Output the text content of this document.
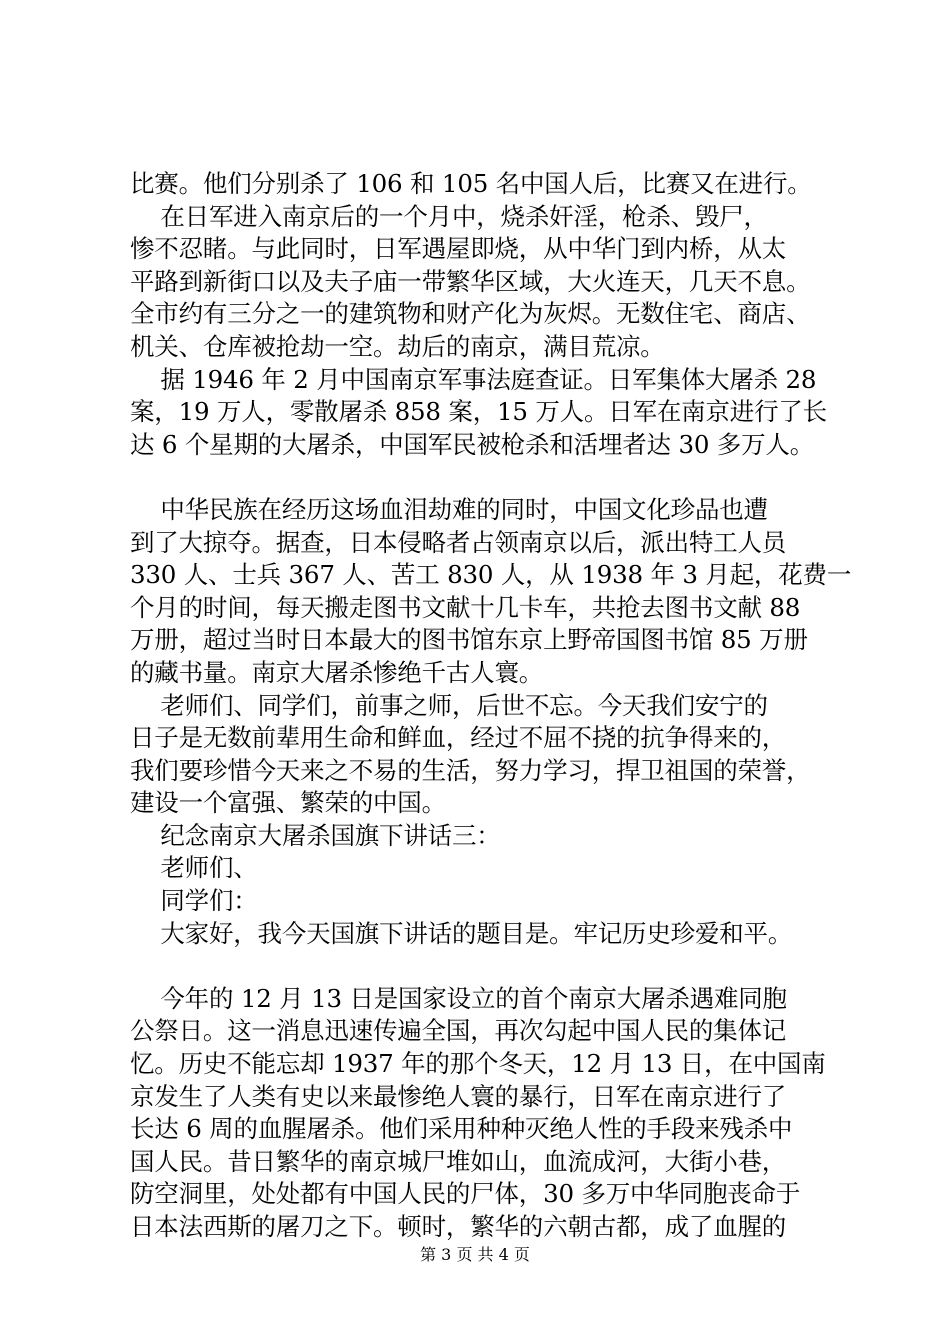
比赛。他们分别杀了 106 和 105 名中国人后，比赛又在进行。
在日军进入南京后的一个月中，烧杀奸淫，枪杀、毁尸，
惨不忍睹。与此同时，日军遇屋即烧，从中华门到内桥，从太
平路到新街口以及夫子庙一带繁华区域，大火连天，几天不息。
全市约有三分之一的建筑物和财产化为灰烬。无数住宅、商店、
机关、仓库被抢劫一空。劫后的南京，满目荒凉。
据 1946 年 2 月中国南京军事法庭查证。日军集体大屠杀 28
案，19 万人，零散屠杀 858 案，15 万人。日军在南京进行了长
达 6 个星期的大屠杀，中国军民被枪杀和活埋者达 30 多万人。
中华民族在经历这场血泪劫难的同时，中国文化珍品也遭
到了大掠夺。据查，日本侵略者占领南京以后，派出特工人员
330 人、士兵 367 人、苦工 830 人，从 1938 年 3 月起，花费一
个月的时间，每天搬走图书文献十几卡车，共抢去图书文献 88
万册，超过当时日本最大的图书馆东京上野帝国图书馆 85 万册
的藏书量。南京大屠杀惨绝千古人寰。
老师们、同学们，前事之师，后世不忘。今天我们安宁的
日子是无数前辈用生命和鲜血，经过不屈不挠的抗争得来的，
我们要珍惜今天来之不易的生活，努力学习，捍卫祖国的荣誉，
建设一个富强、繁荣的中国。
纪念南京大屠杀国旗下讲话三：
老师们、
同学们：
大家好，我今天国旗下讲话的题目是。牢记历史珍爱和平。
今年的 12 月 13 日是国家设立的首个南京大屠杀遇难同胞
公祭日。这一消息迅速传遍全国，再次勾起中国人民的集体记
忆。历史不能忘却 1937 年的那个冬天，12 月 13 日，在中国南
京发生了人类有史以来最惨绝人寰的暴行，日军在南京进行了
长达 6 周的血腥屠杀。他们采用种种灭绝人性的手段来残杀中
国人民。昔日繁华的南京城尸堆如山，血流成河，大街小巷，
防空洞里，处处都有中国人民的尸体，30 多万中华同胞丧命于
日本法西斯的屠刀之下。顿时，繁华的六朝古都，成了血腥的
第 3 页 共 4 页
